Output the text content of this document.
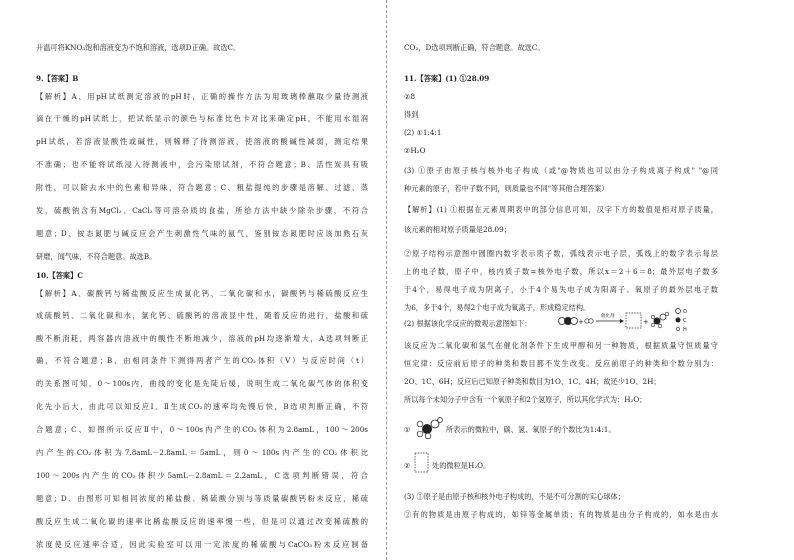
升温可将KNO₃饱和溶液变为不饱和溶液，选项D正确。故选C。
9.【答案】B
【解析】A、用pH试纸测定溶液的pH时，正确的操作方法为用玻璃棒蘸取少量待测液
滴在干燥的pH试纸上，把试纸显示的颜色与标准比色卡对比来确定pH，不能用水湿润
pH试纸，若溶液显酸性或碱性，则稀释了待测溶液，使溶液的酸碱性减弱，测定结果
不准确；也不能将试纸浸入待测液中，会污染原试剂，不符合题意；B、活性炭具有吸
附性，可以除去水中的色素和异味，符合题意；C、粗盐提纯的步骤是溶解、过滤、蒸
发，硫酸钠含有MgCl₂、CaCl₂等可溶杂质的食盐，所给方法中缺少除杂步骤，不符合
题意；D、铵态氮肥与碱反应会产生刺激性气味的氨气，鉴别铵态氮肥时应该加熟石灰
研磨，闻气味，不符合题意。故选B。
10.【答案】C
【解析】A、碳酸钙与稀盐酸反应生成氯化钙、二氧化碳和水，碳酸钙与稀硫酸反应生
成硫酸钙、二氧化碳和水，氯化钙、硫酸钙的溶液显中性，随着反应的进行，盐酸和硫
酸不断消耗，两容器内溶液中的酸性不断地减少，溶液的pH均逐渐增大，A选项判断正
确，不符合题意；B、由相同条件下测得两者产生的CO₂体积（V）与反应时间（t）
的关系图可知，0～100s内，曲线的变化是先陡后缓，说明生成二氧化碳气体的体积变
化先小后大，由此可以知反应Ⅰ、Ⅱ生成CO₂的速率均先慢后快，B选项判断正确，不符
合题意；C、如图所示反应Ⅱ中，0～100s内产生的CO₂体积为2.8amL，100～200s
内产生的CO₂体积为7.8amL－2.8amL＝5amL，则0～100s内产生的CO₂体积比
100～200s内产生的CO₂体积少5amL－2.8amL＝2.2amL，C选项判断错误，符合
题意；D、由图形可知相同浓度的稀盐酸、稀硫酸分别与等质量碳酸钙粉末反应，稀硫
酸反应生成二氧化碳的速率比稀盐酸反应的速率慢一些，但是可以通过改变稀硫酸的
浓度使反应速率合适，因此实验室可以用一定浓度的稀硫酸与CaCO₃粉末反应制备
CO₂，D选项判断正确，符合题意。故选C。
11.【答案】(1) ①28.09
②8
得到
(2) ①1:4:1
②H₂O
(3) ①原子由原子核与核外电子构成（或"@物质也可以由分子构成离子构成" "@同
种元素的原子，若中子数不同，则质量也不同"等其他合理答案）
【解析】(1) ①根据在元素周期表中的部分信息可知，汉字下方的数值是相对原子质量，
该元素的相对原子质量是28.09；
②原子结构示意图中圆圈内数字表示质子数，弧线表示电子层，弧线上的数字表示每层
上的电子数，原子中，核内质子数=核外电子数，所以x＝2＋6＝8；最外层电子数多
于4个，易得电子成为阴离子，小于4个易失电子成为阳离子。氧原子的最外层电子数
为6，多于4个，易得2个电子成为氧离子，形成稳定结构。
(2) 根据该化学反应的微观示意图如下：	+
催化剂
+
O
C
H
该反应为二氧化碳和氢气在催化剂条件下生成甲醇和另一种物质，根据质量守恒质量守
恒定律：反应前后原子的种类和数目都不发生改变。反应前原子的种类和个数分别为：
2O、1C、6H；反应后已知原子种类和数目为1O、1C、4H；故还少1O、2H；
所以每个未知分子中含有一个氧原子和2个氢原子，所以其化学式为：H₂O；
①	所表示的微粒中，碳、氢、氧原子的个数比为1:4:1。
②	处的微粒是H₂O。
(3) ①原子是由原子核和核外电子构成的，不是不可分割的实心球体；
②有的物质是由原子构成的，如锌等金属单质；有的物质是由分子构成的，如水是由水
